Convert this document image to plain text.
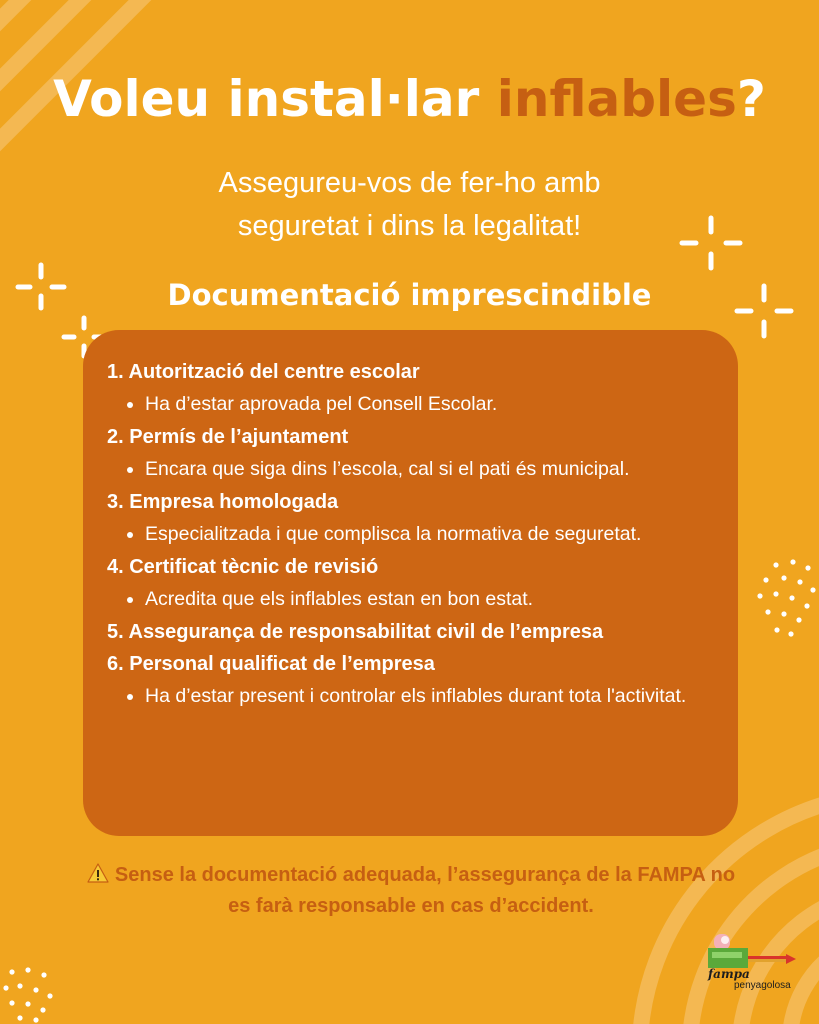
Voleu instal·lar inflables?
Assegureu-vos de fer-ho amb
seguretat i dins la legalitat!
Documentació imprescindible
1. Autorització del centre escolar
Ha d’estar aprovada pel Consell Escolar.
2. Permís de l’ajuntament
Encara que siga dins l’escola, cal si el pati és municipal.
3. Empresa homologada
Especialitzada i que complisca la normativa de seguretat.
4. Certificat tècnic de revisió
Acredita que els inflables estan en bon estat.
5. Assegurança de responsabilitat civil de l’empresa
6. Personal qualificat de l’empresa
Ha d’estar present i controlar els inflables durant tota l'activitat.
Sense la documentació adequada, l’assegurança de la FAMPA no es farà responsable en cas d’accident.
fampa
penyagolosa
